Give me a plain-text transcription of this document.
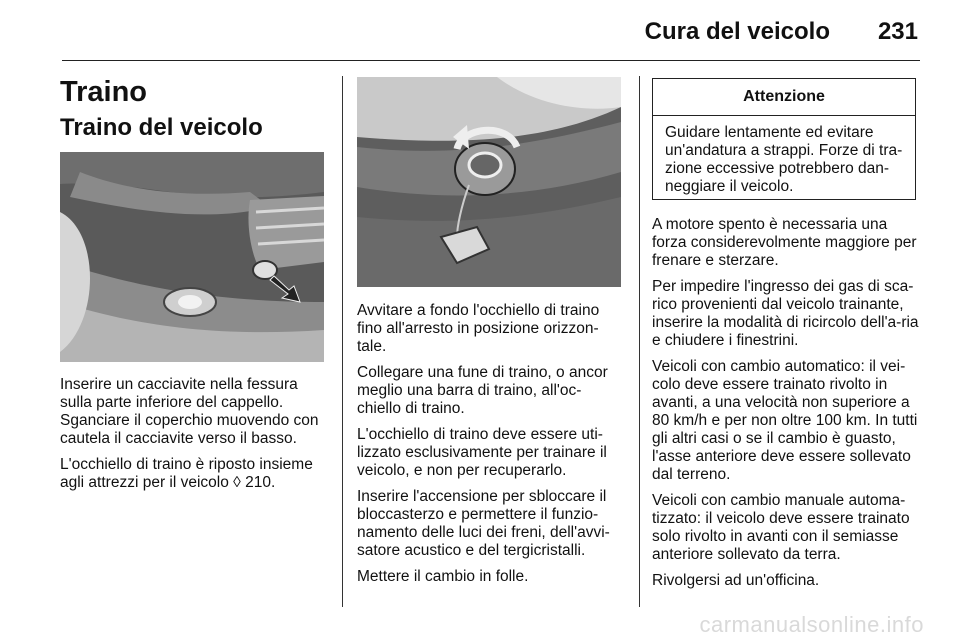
Cura del veicolo 231
Traino
Traino del veicolo

Inserire un cacciavite nella fessura sulla parte inferiore del cappello. Sganciare il coperchio muovendo con cautela il cacciavite verso il basso.

L'occhiello di traino è riposto insieme agli attrezzi per il veicolo ◊ 210.

Avvitare a fondo l'occhiello di traino fino all'arresto in posizione orizzon-tale.

Collegare una fune di traino, o ancor meglio una barra di traino, all'oc-chiello di traino.

L'occhiello di traino deve essere uti-lizzato esclusivamente per trainare il veicolo, e non per recuperarlo.

Inserire l'accensione per sbloccare il bloccasterzo e permettere il funzio-namento delle luci dei freni, dell'avvi-satore acustico e del tergicristalli.

Mettere il cambio in folle.

Attenzione
Guidare lentamente ed evitare un'andatura a strappi. Forze di tra-zione eccessive potrebbero dan-neggiare il veicolo.

A motore spento è necessaria una forza considerevolmente maggiore per frenare e sterzare.

Per impedire l'ingresso dei gas di sca-rico provenienti dal veicolo trainante, inserire la modalità di ricircolo dell'a-ria e chiudere i finestrini.

Veicoli con cambio automatico: il vei-colo deve essere trainato rivolto in avanti, a una velocità non superiore a 80 km/h e per non oltre 100 km. In tutti gli altri casi o se il cambio è guasto, l'asse anteriore deve essere sollevato dal terreno.

Veicoli con cambio manuale automa-tizzato: il veicolo deve essere trainato solo rivolto in avanti con il semiasse anteriore sollevato da terra.

Rivolgersi ad un'officina.

carmanualsonline.info
